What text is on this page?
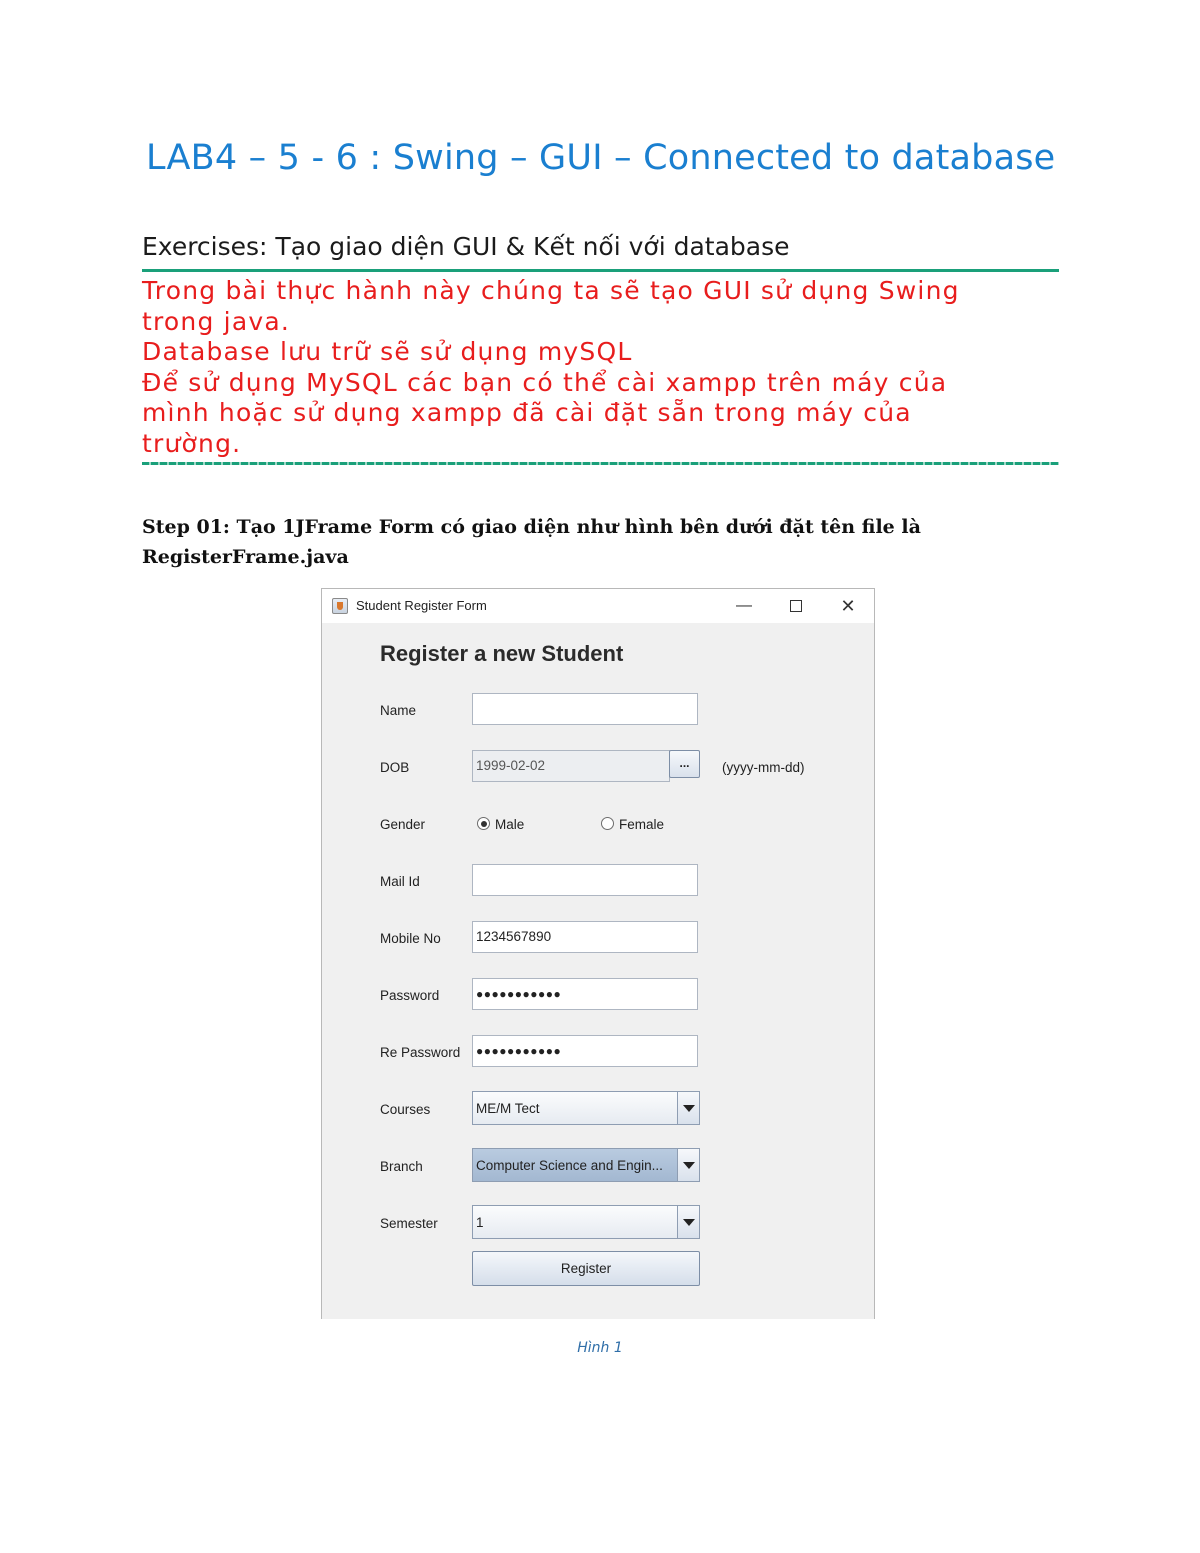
LAB4 – 5 - 6 : Swing – GUI – Connected to database
Exercises: Tạo giao diện GUI & Kết nối với database
Trong bài thực hành này chúng ta sẽ tạo GUI sử dụng Swing
trong java.
Database lưu trữ sẽ sử dụng mySQL
Để sử dụng MySQL các bạn có thể cài xampp trên máy của
mình hoặc sử dụng xampp đã cài đặt sẵn trong máy của
trường.
Step 01: Tạo 1JFrame Form có giao diện như hình bên dưới đặt tên file là
RegisterFrame.java
Student Register Form	—	✕
Register a new Student
Name
DOB	1999-02-02	...	(yyyy-mm-dd)
Gender	Male	Female
Mail Id
Mobile No	1234567890
Password	●●●●●●●●●●●
Re Password	●●●●●●●●●●●
Courses	ME/M Tect
Branch	Computer Science and Engin...
Semester	1
Register
Hình 1
